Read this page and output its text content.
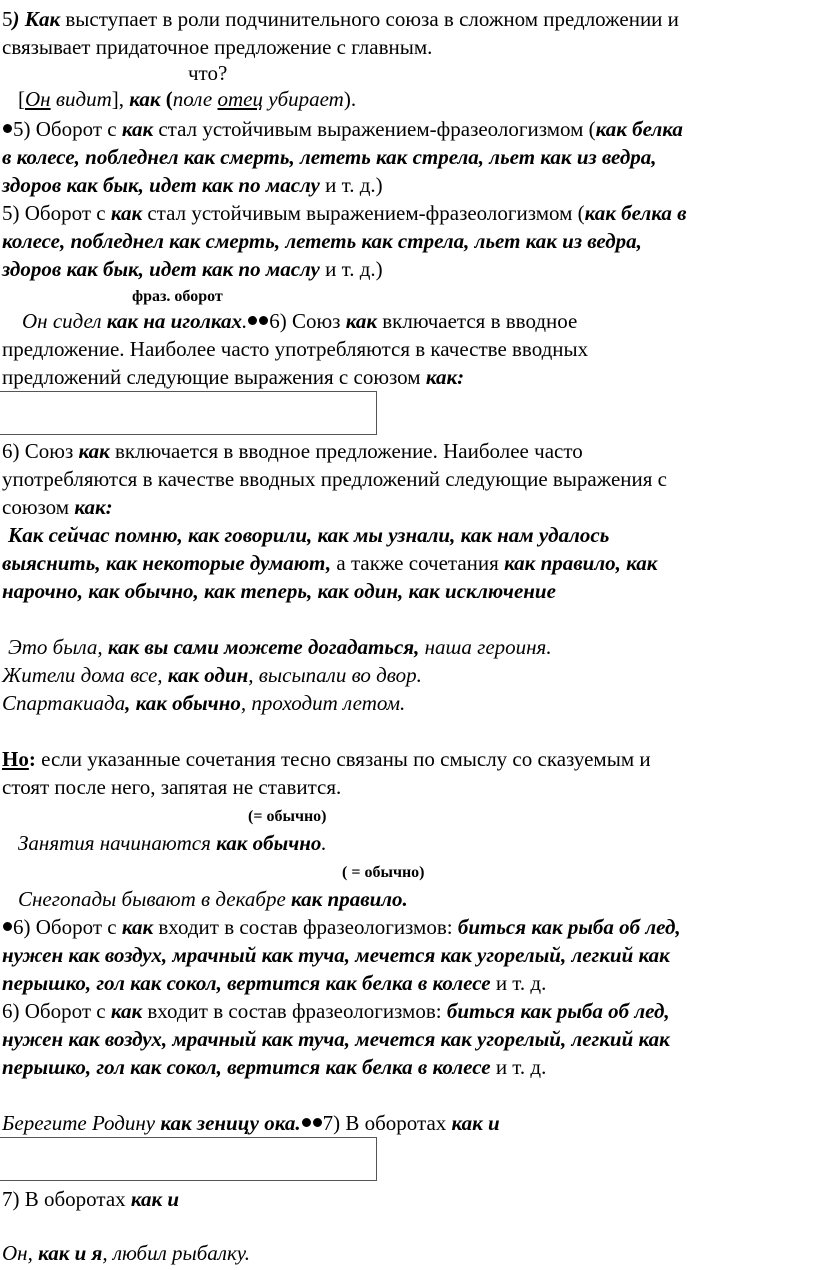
5) Как выступает в роли подчинительного союза в сложном предложении и
связывает придаточное предложение с главным.
что?
[Он видит], как (поле отец убирает).
5) Оборот с как стал устойчивым выражением-фразеологизмом (как белка
в колесе, побледнел как смерть, лететь как стрела, льет как из ведра,
здоров как бык, идет как по маслу и т. д.)
5) Оборот с как стал устойчивым выражением-фразеологизмом (как белка в
колесе, побледнел как смерть, лететь как стрела, льет как из ведра,
здоров как бык, идет как по маслу и т. д.)
фраз. оборот
Он сидел как на иголках. 6) Союз как включается в вводное
предложение. Наиболее часто употребляются в качестве вводных
предложений следующие выражения с союзом как:
6) Союз как включается в вводное предложение. Наиболее часто
употребляются в качестве вводных предложений следующие выражения с
союзом как:
Как сейчас помню, как говорили, как мы узнали, как нам удалось
выяснить, как некоторые думают, а также сочетания как правило, как
нарочно, как обычно, как теперь, как один, как исключение
Это была, как вы сами можете догадаться, наша героиня.
Жители дома все, как один, высыпали во двор.
Спартакиада, как обычно, проходит летом.
Но: если указанные сочетания тесно связаны по смыслу со сказуемым и
стоят после него, запятая не ставится.
(= обычно)
Занятия начинаются как обычно.
( = обычно)
Снегопады бывают в декабре как правило.
6) Оборот с как входит в состав фразеологизмов: биться как рыба об лед,
нужен как воздух, мрачный как туча, мечется как угорелый, легкий как
перышко, гол как сокол, вертится как белка в колесе и т. д.
6) Оборот с как входит в состав фразеологизмов: биться как рыба об лед,
нужен как воздух, мрачный как туча, мечется как угорелый, легкий как
перышко, гол как сокол, вертится как белка в колесе и т. д.
Берегите Родину как зеницу ока. 7) В оборотах как и
7) В оборотах как и
Он, как и я, любил рыбалку.
